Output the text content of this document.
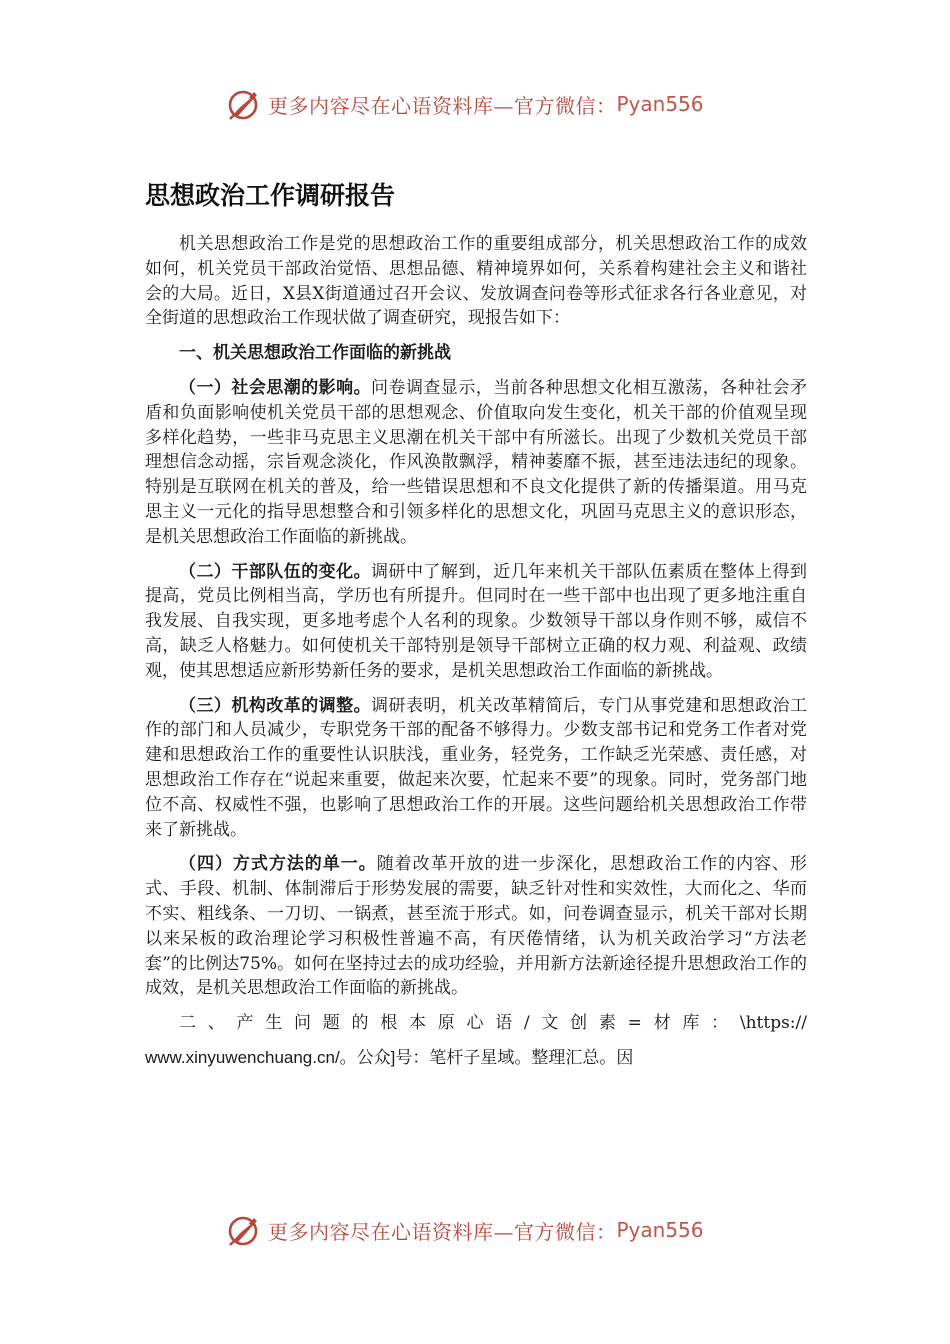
更多内容尽在心语资料库—官方微信： Pyan556
思想政治工作调研报告

机关思想政治工作是党的思想政治工作的重要组成部分，机关思想政治工作的成效如何，机关党员干部政治觉悟、思想品德、精神境界如何，关系着构建社会主义和谐社会的大局。近日，X县X街道通过召开会议、发放调查问卷等形式征求各行各业意见，对全街道的思想政治工作现状做了调查研究，现报告如下：

一、机关思想政治工作面临的新挑战

（一）社会思潮的影响。问卷调查显示，当前各种思想文化相互激荡，各种社会矛盾和负面影响使机关党员干部的思想观念、价值取向发生变化，机关干部的价值观呈现多样化趋势，一些非马克思主义思潮在机关干部中有所滋长。出现了少数机关党员干部理想信念动摇，宗旨观念淡化，作风涣散飘浮，精神萎靡不振，甚至违法违纪的现象。特别是互联网在机关的普及，给一些错误思想和不良文化提供了新的传播渠道。用马克思主义一元化的指导思想整合和引领多样化的思想文化，巩固马克思主义的意识形态，是机关思想政治工作面临的新挑战。

（二）干部队伍的变化。调研中了解到，近几年来机关干部队伍素质在整体上得到提高，党员比例相当高，学历也有所提升。但同时在一些干部中也出现了更多地注重自我发展、自我实现，更多地考虑个人名利的现象。少数领导干部以身作则不够，威信不高，缺乏人格魅力。如何使机关干部特别是领导干部树立正确的权力观、利益观、政绩观，使其思想适应新形势新任务的要求，是机关思想政治工作面临的新挑战。

（三）机构改革的调整。调研表明，机关改革精简后，专门从事党建和思想政治工作的部门和人员减少，专职党务干部的配备不够得力。少数支部书记和党务工作者对党建和思想政治工作的重要性认识肤浅，重业务，轻党务，工作缺乏光荣感、责任感，对思想政治工作存在“说起来重要，做起来次要，忙起来不要”的现象。同时，党务部门地位不高、权威性不强，也影响了思想政治工作的开展。这些问题给机关思想政治工作带来了新挑战。

（四）方式方法的单一。随着改革开放的进一步深化，思想政治工作的内容、形式、手段、机制、体制滞后于形势发展的需要，缺乏针对性和实效性，大而化之、华而不实、粗线条、一刀切、一锅煮，甚至流于形式。如，问卷调查显示，机关干部对长期以来呆板的政治理论学习积极性普遍不高，有厌倦情绪，认为机关政治学习“方法老套”的比例达75%。如何在坚持过去的成功经验，并用新方法新途径提升思想政治工作的成效，是机关思想政治工作面临的新挑战。

二、产生问题的根本原心语/文创素=材库：\https://

www.xinyuwenchuang.cn/。公众]号：笔杆子星域。整理汇总。因

更多内容尽在心语资料库—官方微信： Pyan556
